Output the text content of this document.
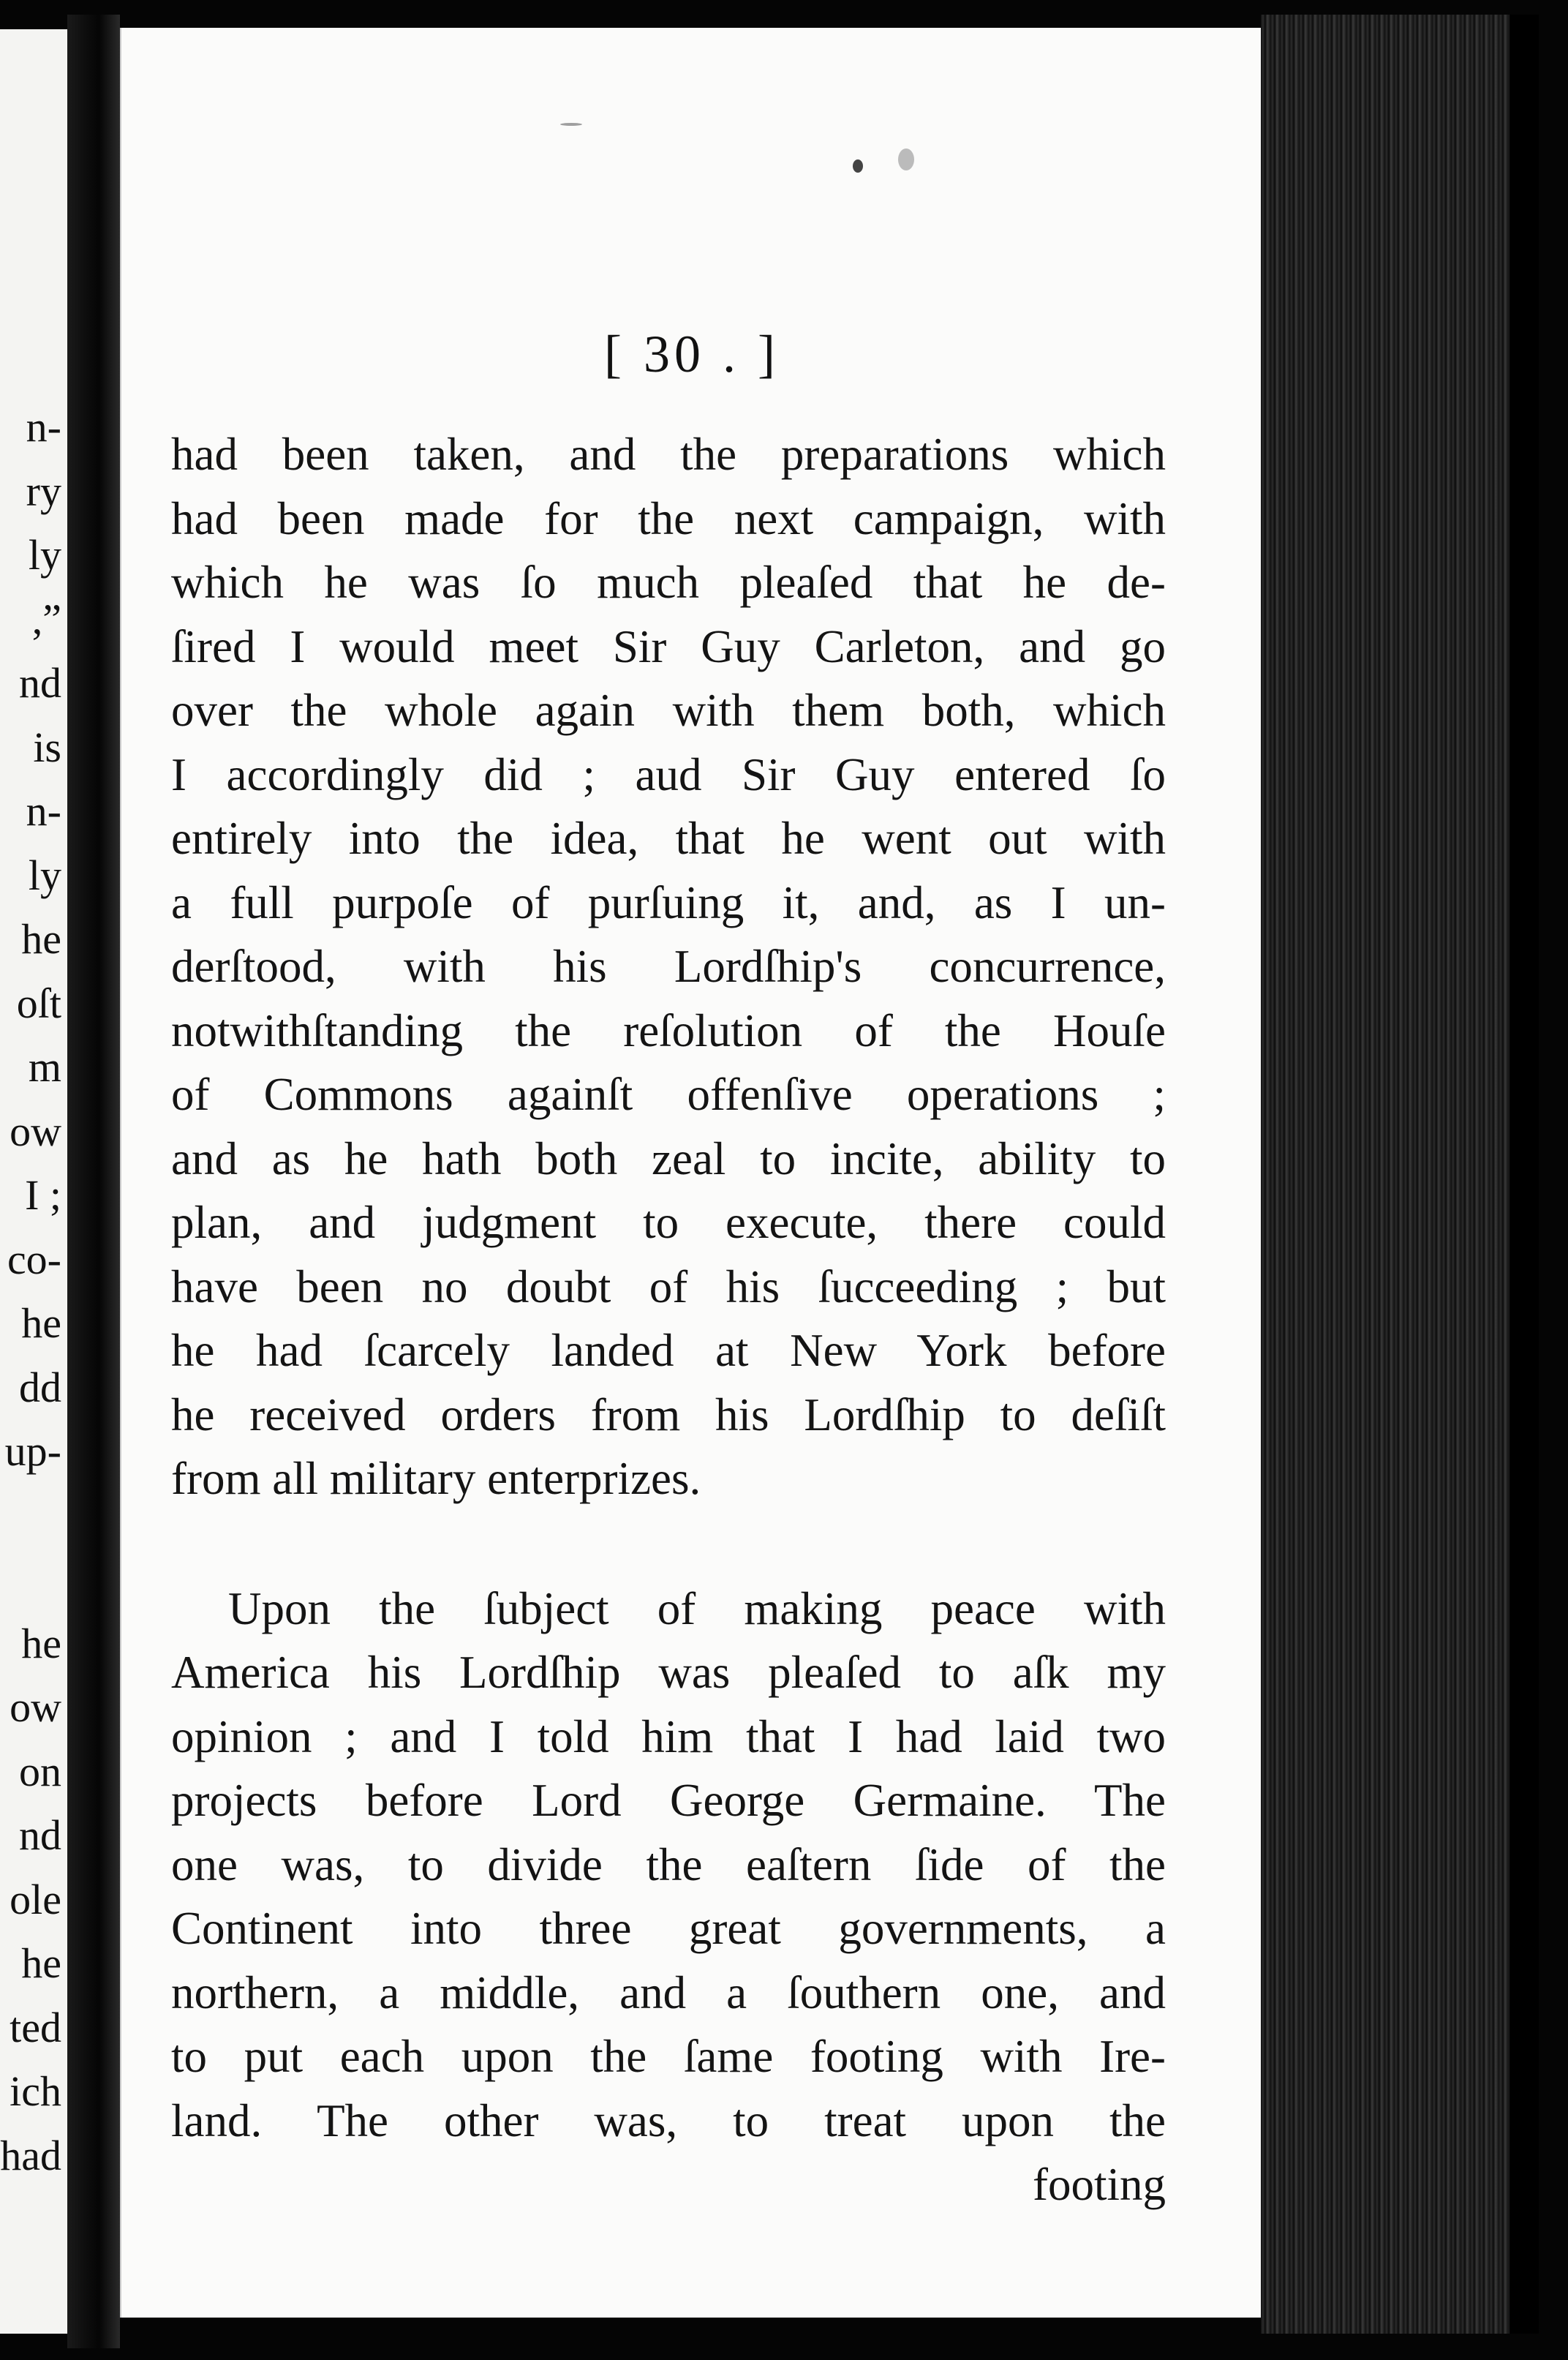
n-
ry
ly
,”
nd
is
n-
ly
he
oſt
m
ow
I ;
co-
he
dd
up-
he
ow
on
nd
ole
he
ted
ich
had
[ 30 . ]
had been taken, and the preparations which
had been made for the next campaign, with
which he was ſo much pleaſed that he de-
ſired I would meet Sir Guy Carleton, and go
over the whole again with them both, which
I accordingly did ; aud Sir Guy entered ſo
entirely into the idea, that he went out with
a full purpoſe of purſuing it, and, as I un-
derſtood, with his Lordſhip's concurrence,
notwithſtanding the reſolution of the Houſe
of Commons againſt offenſive operations ;
and as he hath both zeal to incite, ability to
plan, and judgment to execute, there could
have been no doubt of his ſucceeding ; but
he had ſcarcely landed at New York before
he received orders from his Lordſhip to deſiſt
from all military enterprizes.
Upon the ſubject of making peace with
America his Lordſhip was pleaſed to aſk my
opinion ; and I told him that I had laid two
projects before Lord George Germaine. The
one was, to divide the eaſtern ſide of the
Continent into three great governments, a
northern, a middle, and a ſouthern one, and
to put each upon the ſame footing with Ire-
land. The other was, to treat upon the
footing
